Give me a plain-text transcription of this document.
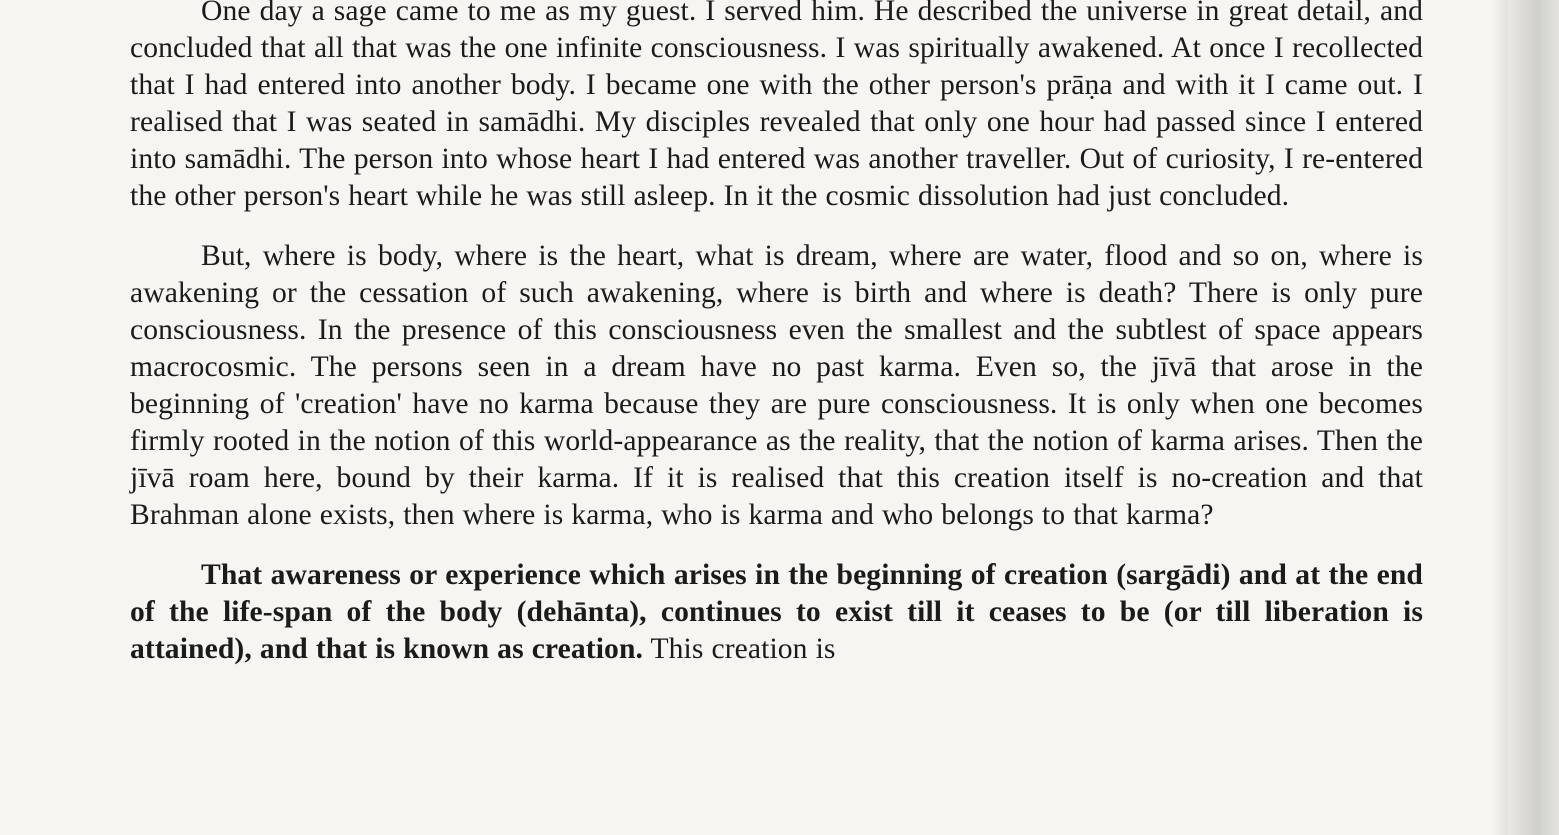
One day a sage came to me as my guest. I served him. He described the universe in great detail, and concluded that all that was the one infinite consciousness. I was spiritually awakened. At once I recollected that I had entered into another body. I became one with the other person's prāṇa and with it I came out. I realised that I was seated in samādhi. My disciples revealed that only one hour had passed since I entered into samādhi. The person into whose heart I had entered was another traveller. Out of curiosity, I re-entered the other person's heart while he was still asleep. In it the cosmic dissolution had just concluded.

But, where is body, where is the heart, what is dream, where are water, flood and so on, where is awakening or the cessation of such awakening, where is birth and where is death? There is only pure consciousness. In the presence of this consciousness even the smallest and the subtlest of space appears macrocosmic. The persons seen in a dream have no past karma. Even so, the jīvā that arose in the beginning of 'creation' have no karma because they are pure consciousness. It is only when one becomes firmly rooted in the notion of this world-appearance as the reality, that the notion of karma arises. Then the jīvā roam here, bound by their karma. If it is realised that this creation itself is no-creation and that Brahman alone exists, then where is karma, who is karma and who belongs to that karma?

That awareness or experience which arises in the beginning of creation (sargādi) and at the end of the life-span of the body (dehānta), continues to exist till it ceases to be (or till liberation is attained), and that is known as creation. This creation is
